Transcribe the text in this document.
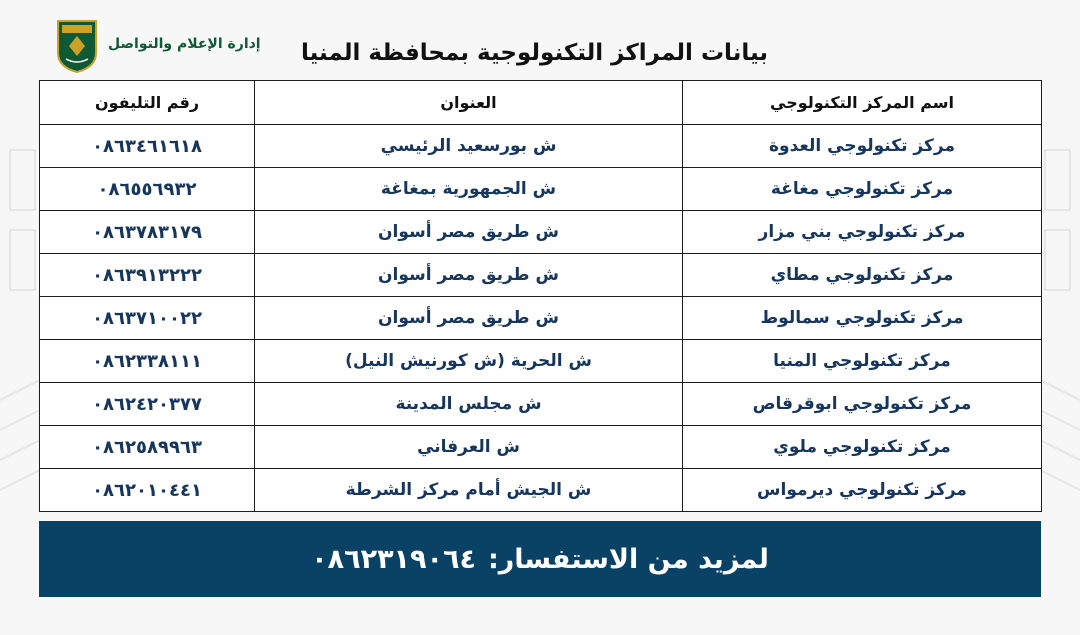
إدارة الإعلام والتواصل بيانات المراكز التكنولوجية بمحافظة المنيا
اسم المركز التكنولوجي	العنوان	رقم التليفون
مركز تكنولوجي العدوة	ش بورسعيد الرئيسي	٠٨٦٣٤٦١٦١٨
مركز تكنولوجي مغاغة	ش الجمهورية بمغاغة	٠٨٦٥٥٦٩٣٢
مركز تكنولوجي بني مزار	ش طريق مصر أسوان	٠٨٦٣٧٨٣١٧٩
مركز تكنولوجي مطاي	ش طريق مصر أسوان	٠٨٦٣٩١٣٢٢٢
مركز تكنولوجي سمالوط	ش طريق مصر أسوان	٠٨٦٣٧١٠٠٢٢
مركز تكنولوجي المنيا	ش الحرية (ش كورنيش النيل)	٠٨٦٢٣٣٨١١١
مركز تكنولوجي ابوقرقاص	ش مجلس المدينة	٠٨٦٢٤٢٠٣٧٧
مركز تكنولوجي ملوي	ش العرفاني	٠٨٦٢٥٨٩٩٦٣
مركز تكنولوجي ديرمواس	ش الجيش أمام مركز الشرطة	٠٨٦٢٠١٠٤٤١
لمزيد من الاستفسار:
٠٨٦٢٣١٩٠٦٤
